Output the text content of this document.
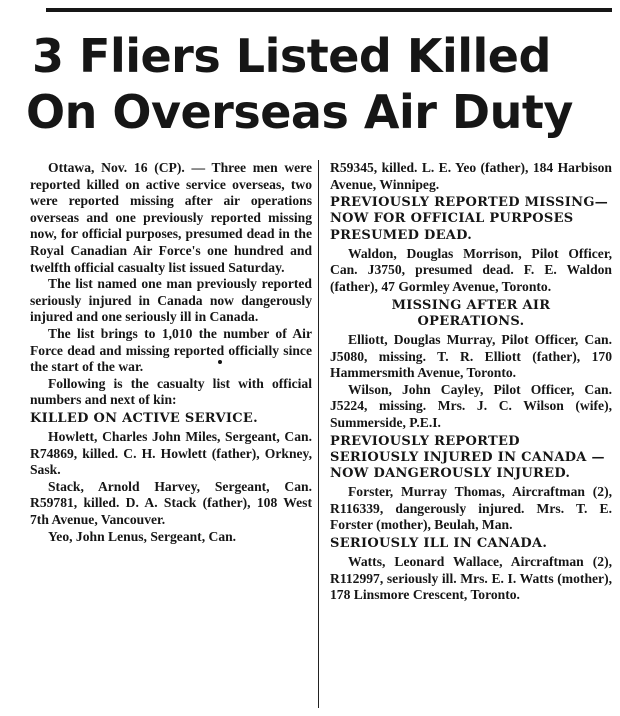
3 Fliers Listed Killed
On Overseas Air Duty

Ottawa, Nov. 16 (CP). — Three men were reported killed on active service overseas, two were reported missing after air operations overseas and one previously reported missing now, for official purposes, presumed dead in the Royal Canadian Air Force's one hundred and twelfth official casualty list issued Saturday.

The list named one man previously reported seriously injured in Canada now dangerously injured and one seriously ill in Canada.

The list brings to 1,010 the number of Air Force dead and missing reported officially since the start of the war.

Following is the casualty list with official numbers and next of kin:

KILLED ON ACTIVE SERVICE.

Howlett, Charles John Miles, Sergeant, Can. R74869, killed. C. H. Howlett (father), Orkney, Sask.

Stack, Arnold Harvey, Sergeant, Can. R59781, killed. D. A. Stack (father), 108 West 7th Avenue, Vancouver.

Yeo, John Lenus, Sergeant, Can.

R59345, killed. L. E. Yeo (father), 184 Harbison Avenue, Winnipeg.

PREVIOUSLY REPORTED MISSING—NOW FOR OFFICIAL PURPOSES PRESUMED DEAD.

Waldon, Douglas Morrison, Pilot Officer, Can. J3750, presumed dead. F. E. Waldon (father), 47 Gormley Avenue, Toronto.

MISSING AFTER AIR
OPERATIONS.

Elliott, Douglas Murray, Pilot Officer, Can. J5080, missing. T. R. Elliott (father), 170 Hammersmith Avenue, Toronto.

Wilson, John Cayley, Pilot Officer, Can. J5224, missing. Mrs. J. C. Wilson (wife), Summerside, P.E.I.

PREVIOUSLY REPORTED SERIOUSLY INJURED IN CANADA — NOW DANGEROUSLY INJURED.

Forster, Murray Thomas, Aircraftman (2), R116339, dangerously injured. Mrs. T. E. Forster (mother), Beulah, Man.

SERIOUSLY ILL IN CANADA.

Watts, Leonard Wallace, Aircraftman (2), R112997, seriously ill. Mrs. E. I. Watts (mother), 178 Linsmore Crescent, Toronto.
